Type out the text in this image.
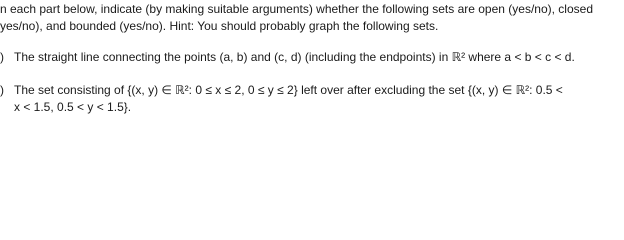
n each part below, indicate (by making suitable arguments) whether the following sets are open (yes/no), closed
yes/no), and bounded (yes/no). Hint: You should probably graph the following sets.
) The straight line connecting the points (a, b) and (c, d) (including the endpoints) in ℝ² where a < b < c < d.
) The set consisting of {(x, y) ∈ ℝ²: 0 ≤ x ≤ 2, 0 ≤ y ≤ 2} left over after excluding the set {(x, y) ∈ ℝ²: 0.5 <
x < 1.5, 0.5 < y < 1.5}.
